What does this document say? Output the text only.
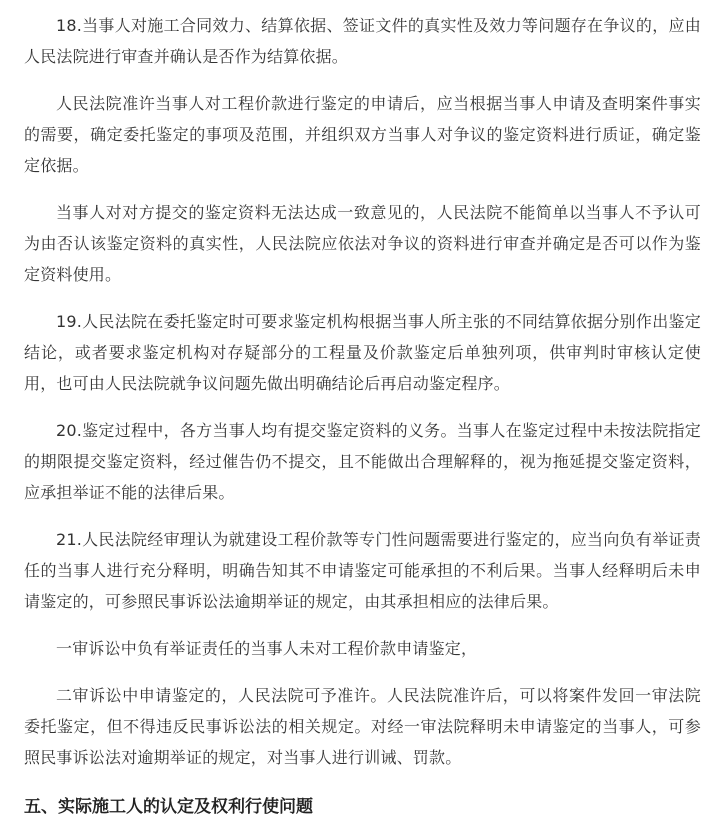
18.当事人对施工合同效力、结算依据、签证文件的真实性及效力等问题存在争议的，应由人民法院进行审查并确认是否作为结算依据。

人民法院准许当事人对工程价款进行鉴定的申请后，应当根据当事人申请及查明案件事实的需要，确定委托鉴定的事项及范围，并组织双方当事人对争议的鉴定资料进行质证，确定鉴定依据。

当事人对对方提交的鉴定资料无法达成一致意见的，人民法院不能简单以当事人不予认可为由否认该鉴定资料的真实性，人民法院应依法对争议的资料进行审查并确定是否可以作为鉴定资料使用。

19.人民法院在委托鉴定时可要求鉴定机构根据当事人所主张的不同结算依据分别作出鉴定结论，或者要求鉴定机构对存疑部分的工程量及价款鉴定后单独列项，供审判时审核认定使用，也可由人民法院就争议问题先做出明确结论后再启动鉴定程序。

20.鉴定过程中，各方当事人均有提交鉴定资料的义务。当事人在鉴定过程中未按法院指定的期限提交鉴定资料，经过催告仍不提交，且不能做出合理解释的，视为拖延提交鉴定资料，应承担举证不能的法律后果。

21.人民法院经审理认为就建设工程价款等专门性问题需要进行鉴定的，应当向负有举证责任的当事人进行充分释明，明确告知其不申请鉴定可能承担的不利后果。当事人经释明后未申请鉴定的，可参照民事诉讼法逾期举证的规定，由其承担相应的法律后果。

一审诉讼中负有举证责任的当事人未对工程价款申请鉴定，

二审诉讼中申请鉴定的，人民法院可予准许。人民法院准许后，可以将案件发回一审法院委托鉴定，但不得违反民事诉讼法的相关规定。对经一审法院释明未申请鉴定的当事人，可参照民事诉讼法对逾期举证的规定，对当事人进行训诫、罚款。

五、实际施工人的认定及权利行使问题
